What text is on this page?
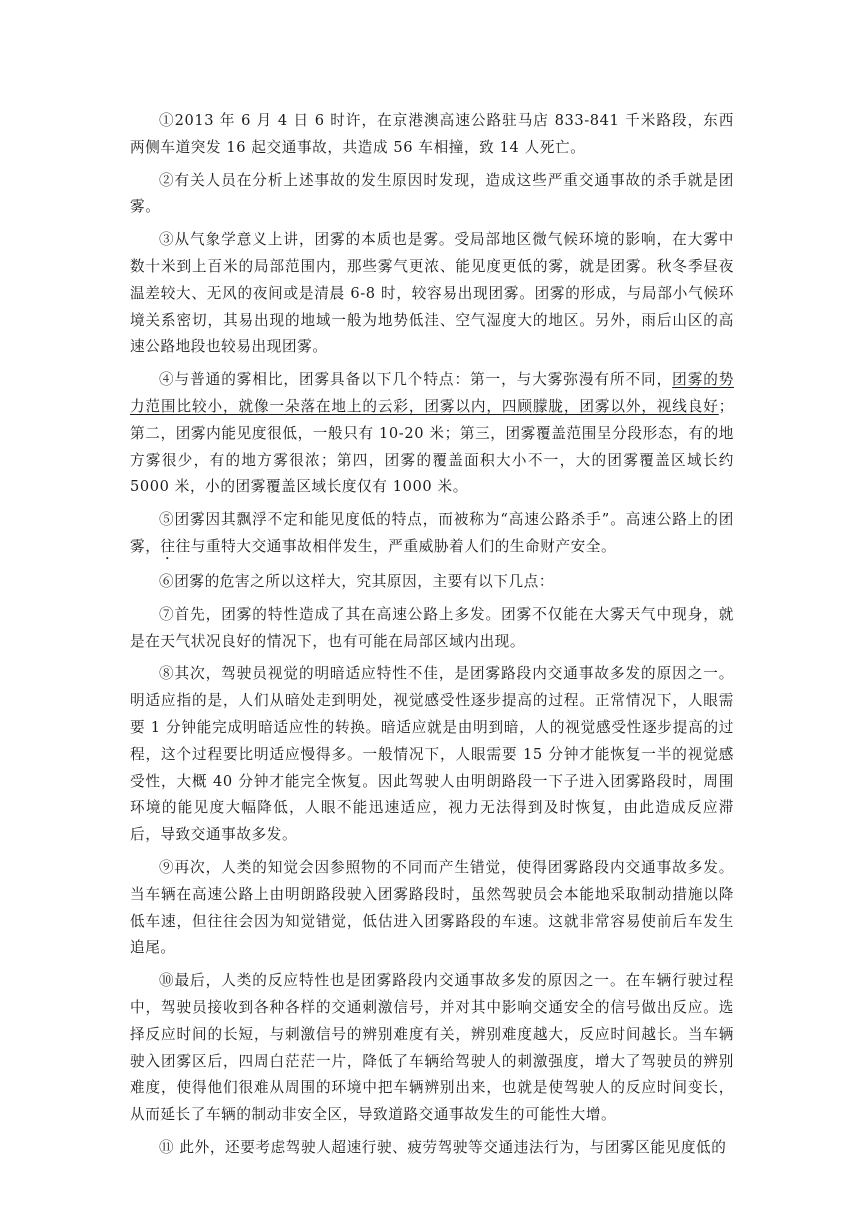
①2013 年 6 月 4 日 6 时许，在京港澳高速公路驻马店 833-841 千米路段，东西两侧车道突发 16 起交通事故，共造成 56 车相撞，致 14 人死亡。

②有关人员在分析上述事故的发生原因时发现，造成这些严重交通事故的杀手就是团雾。

③从气象学意义上讲，团雾的本质也是雾。受局部地区微气候环境的影响，在大雾中数十米到上百米的局部范围内，那些雾气更浓、能见度更低的雾，就是团雾。秋冬季昼夜温差较大、无风的夜间或是清晨 6-8 时，较容易出现团雾。团雾的形成，与局部小气候环境关系密切，其易出现的地域一般为地势低洼、空气湿度大的地区。另外，雨后山区的高速公路地段也较易出现团雾。

④与普通的雾相比，团雾具备以下几个特点：第一，与大雾弥漫有所不同，团雾的势力范围比较小，就像一朵落在地上的云彩，团雾以内，四顾朦胧，团雾以外，视线良好；第二，团雾内能见度很低，一般只有 10-20 米；第三，团雾覆盖范围呈分段形态，有的地方雾很少，有的地方雾很浓；第四，团雾的覆盖面积大小不一，大的团雾覆盖区域长约 5000 米，小的团雾覆盖区域长度仅有 1000 米。

⑤团雾因其飘浮不定和能见度低的特点，而被称为“高速公路杀手”。高速公路上的团雾，往往与重特大交通事故相伴发生，严重威胁着人们的生命财产安全。

⑥团雾的危害之所以这样大，究其原因，主要有以下几点：

⑦首先，团雾的特性造成了其在高速公路上多发。团雾不仅能在大雾天气中现身，就是在天气状况良好的情况下，也有可能在局部区域内出现。

⑧其次，驾驶员视觉的明暗适应特性不佳，是团雾路段内交通事故多发的原因之一。明适应指的是，人们从暗处走到明处，视觉感受性逐步提高的过程。正常情况下，人眼需要 1 分钟能完成明暗适应性的转换。暗适应就是由明到暗，人的视觉感受性逐步提高的过程，这个过程要比明适应慢得多。一般情况下，人眼需要 15 分钟才能恢复一半的视觉感受性，大概 40 分钟才能完全恢复。因此驾驶人由明朗路段一下子进入团雾路段时，周围环境的能见度大幅降低，人眼不能迅速适应，视力无法得到及时恢复，由此造成反应滞后，导致交通事故多发。

⑨再次，人类的知觉会因参照物的不同而产生错觉，使得团雾路段内交通事故多发。当车辆在高速公路上由明朗路段驶入团雾路段时，虽然驾驶员会本能地采取制动措施以降低车速，但往往会因为知觉错觉，低估进入团雾路段的车速。这就非常容易使前后车发生追尾。

⑩最后，人类的反应特性也是团雾路段内交通事故多发的原因之一。在车辆行驶过程中，驾驶员接收到各种各样的交通刺激信号，并对其中影响交通安全的信号做出反应。选择反应时间的长短，与刺激信号的辨别难度有关，辨别难度越大，反应时间越长。当车辆驶入团雾区后，四周白茫茫一片，降低了车辆给驾驶人的刺激强度，增大了驾驶员的辨别难度，使得他们很难从周围的环境中把车辆辨别出来，也就是使驾驶人的反应时间变长，从而延长了车辆的制动非安全区，导致道路交通事故发生的可能性大增。

⑪ 此外，还要考虑驾驶人超速行驶、疲劳驾驶等交通违法行为，与团雾区能见度低的
